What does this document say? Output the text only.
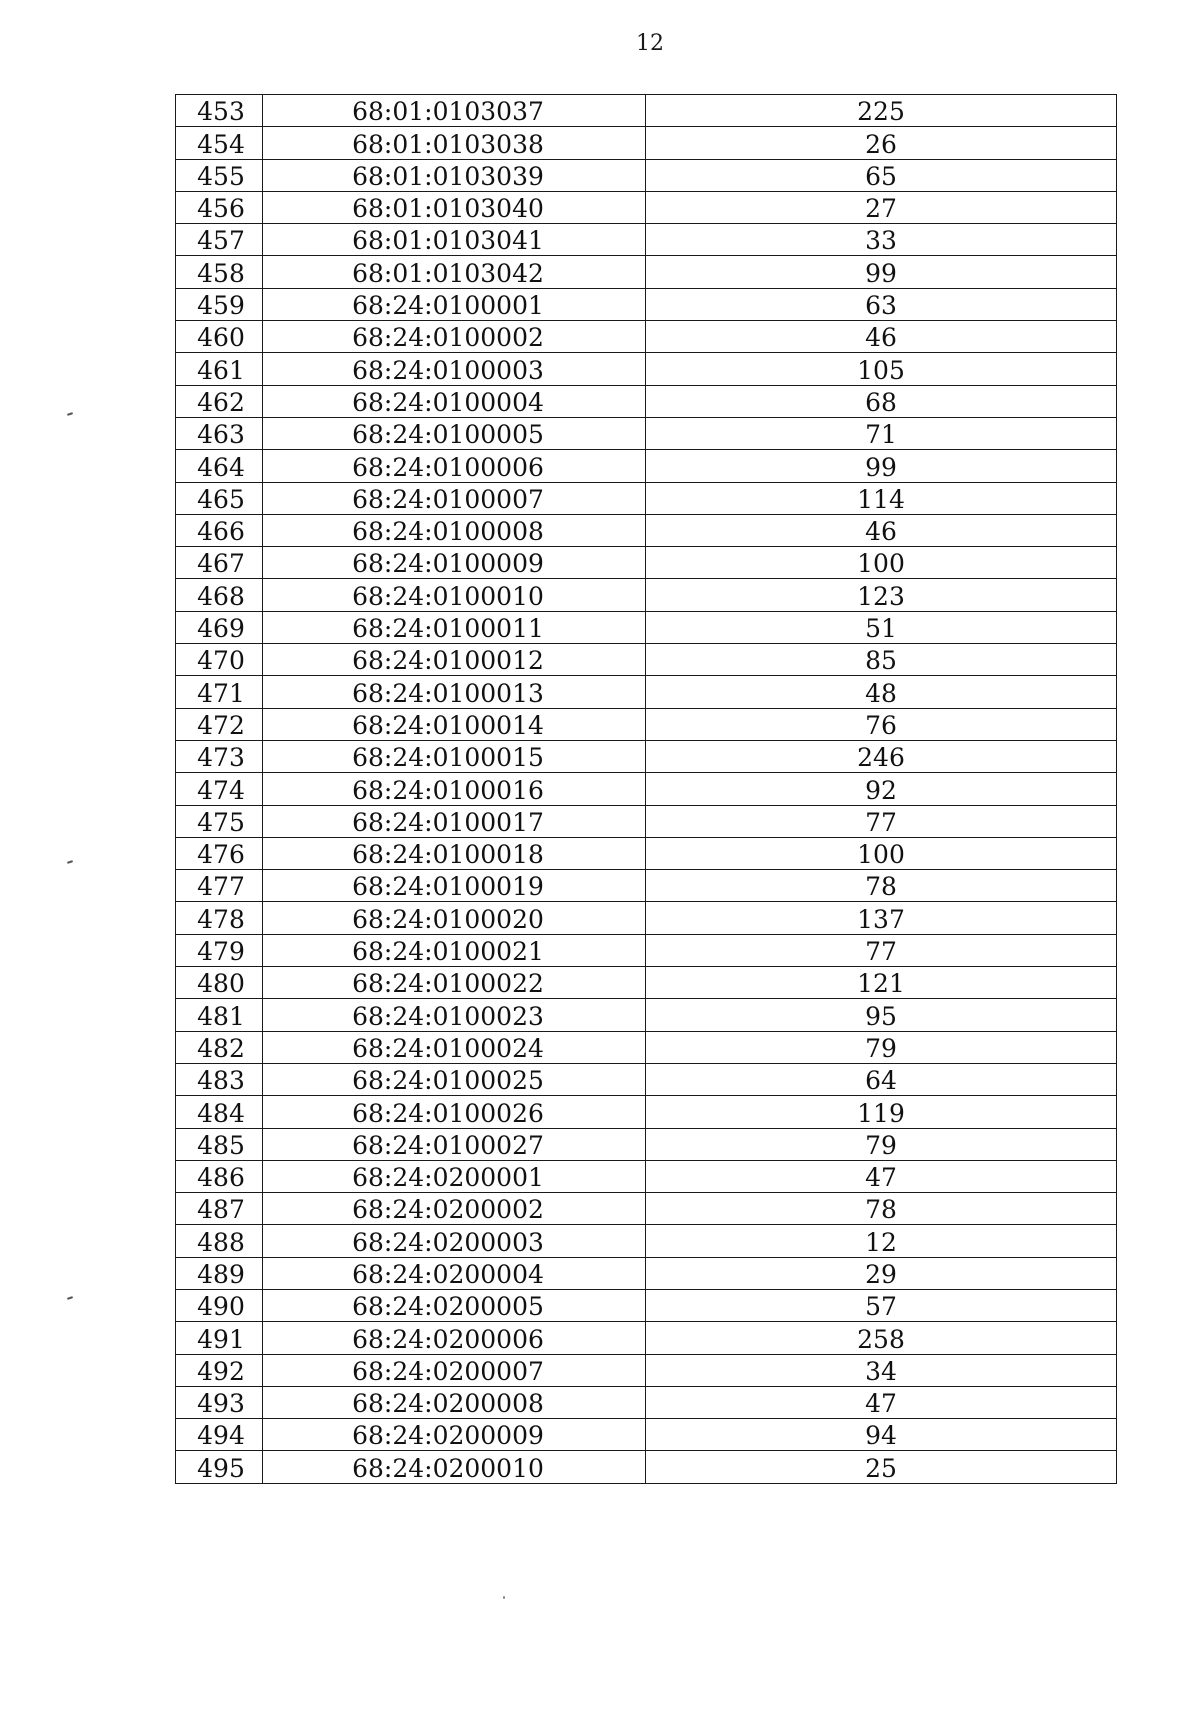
12
453	68:01:0103037	225
454	68:01:0103038	26
455	68:01:0103039	65
456	68:01:0103040	27
457	68:01:0103041	33
458	68:01:0103042	99
459	68:24:0100001	63
460	68:24:0100002	46
461	68:24:0100003	105
462	68:24:0100004	68
463	68:24:0100005	71
464	68:24:0100006	99
465	68:24:0100007	114
466	68:24:0100008	46
467	68:24:0100009	100
468	68:24:0100010	123
469	68:24:0100011	51
470	68:24:0100012	85
471	68:24:0100013	48
472	68:24:0100014	76
473	68:24:0100015	246
474	68:24:0100016	92
475	68:24:0100017	77
476	68:24:0100018	100
477	68:24:0100019	78
478	68:24:0100020	137
479	68:24:0100021	77
480	68:24:0100022	121
481	68:24:0100023	95
482	68:24:0100024	79
483	68:24:0100025	64
484	68:24:0100026	119
485	68:24:0100027	79
486	68:24:0200001	47
487	68:24:0200002	78
488	68:24:0200003	12
489	68:24:0200004	29
490	68:24:0200005	57
491	68:24:0200006	258
492	68:24:0200007	34
493	68:24:0200008	47
494	68:24:0200009	94
495	68:24:0200010	25
